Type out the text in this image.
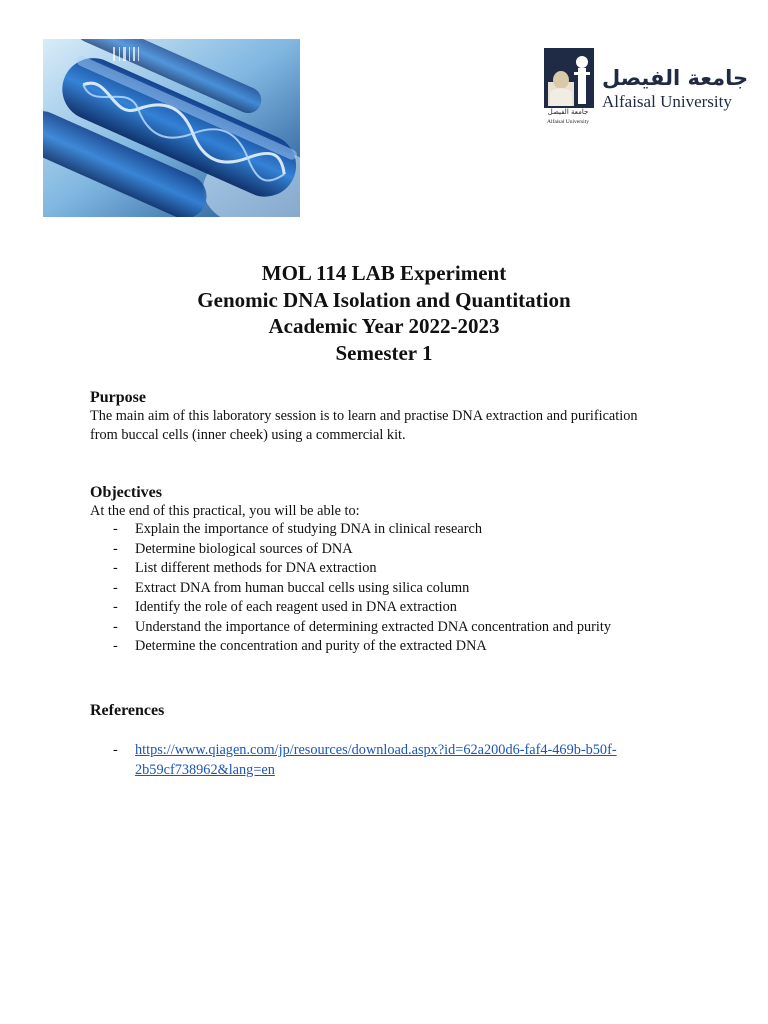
جامعة الفيصل
Alfaisal University
جامعة الفيصل
Alfaisal University
MOL 114 LAB Experiment
Genomic DNA Isolation and Quantitation
Academic Year 2022-2023
Semester 1
Purpose
The main aim of this laboratory session is to learn and practise DNA extraction and purification
from buccal cells (inner cheek) using a commercial kit.
Objectives
At the end of this practical, you will be able to:
- Explain the importance of studying DNA in clinical research
- Determine biological sources of DNA
- List different methods for DNA extraction
- Extract DNA from human buccal cells using silica column
- Identify the role of each reagent used in DNA extraction
- Understand the importance of determining extracted DNA concentration and purity
- Determine the concentration and purity of the extracted DNA
References
- https://www.qiagen.com/jp/resources/download.aspx?id=62a200d6-faf4-469b-b50f-
2b59cf738962&lang=en
